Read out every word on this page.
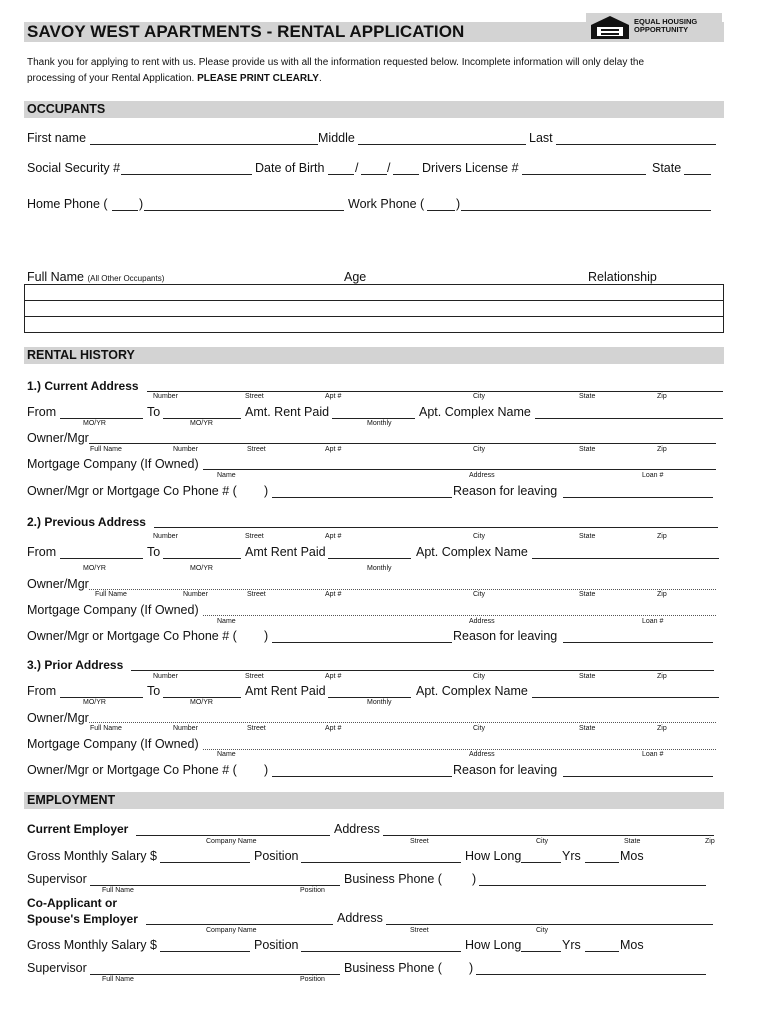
SAVOY WEST APARTMENTS - RENTAL APPLICATION
EQUAL HOUSING
OPPORTUNITY
Thank you for applying to rent with us. Please provide us with all the information requested below. Incomplete information will only delay the
processing of your Rental Application. PLEASE PRINT CLEARLY.
OCCUPANTS
First name	Middle	Last
Social Security #	Date of Birth / /	Drivers License #	State
Home Phone (	)	Work Phone (	)
Full Name (All Other Occupants)	Age	Relationship
RENTAL HISTORY
1.) Current Address
Number	Street	Apt #	City	State	Zip
From	To	Amt. Rent Paid	Apt. Complex Name
MO/YR	MO/YR	Monthly
Owner/Mgr
Full Name	Number	Street	Apt #	City	State	Zip
Mortgage Company (If Owned)
Name	Address	Loan #
Owner/Mgr or Mortgage Co Phone # ( )	Reason for leaving
2.) Previous Address
Number	Street	Apt #	City	State	Zip
From	To	Amt Rent Paid	Apt. Complex Name
MO/YR	MO/YR	Monthly
Owner/Mgr
Full Name	Number	Street	Apt #	City	State	Zip
Mortgage Company (If Owned)
Name	Address	Loan #
Owner/Mgr or Mortgage Co Phone # ( )	Reason for leaving
3.) Prior Address
Number	Street	Apt #	City	State	Zip
From	To	Amt Rent Paid	Apt. Complex Name
MO/YR	MO/YR	Monthly
Owner/Mgr
Full Name	Number	Street	Apt #	City	State	Zip
Mortgage Company (If Owned)
Name	Address	Loan #
Owner/Mgr or Mortgage Co Phone # ( )	Reason for leaving
EMPLOYMENT
Current Employer	Address
Company Name	Street	City	State	Zip
Gross Monthly Salary $	Position	How Long	Yrs	Mos
Supervisor	Business Phone ( )
Full Name	Position
Co-Applicant or
Spouse's Employer	Address
Company Name	Street	City
Gross Monthly Salary $	Position	How Long	Yrs	Mos
Supervisor	Business Phone ( )
Full Name	Position
